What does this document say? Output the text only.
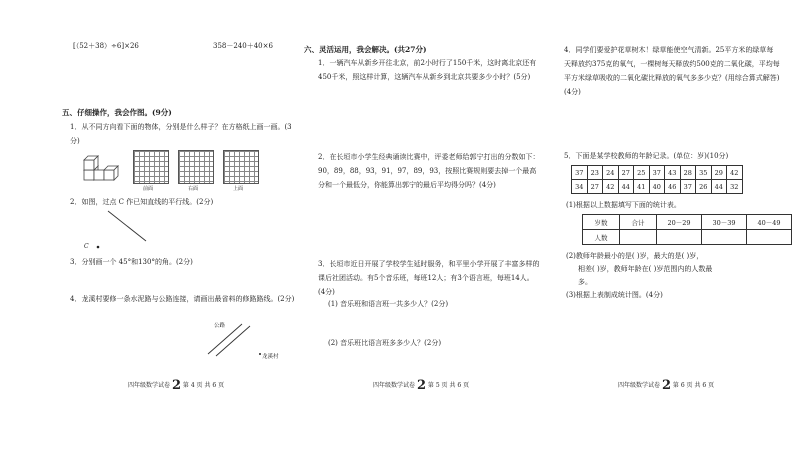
[（52＋38）÷6]×26	358－240＋40×6
五、仔细操作，我会作图。(9分)
1．从不同方向看下面的物体，分别是什么样子？在方格纸上画一画。(3分)
前面	右面	上面
2．如图，过点 C 作已知直线的平行线。(2分)
C
3．分别画一个 45°和130°的角。(2分)
4．龙溪村要修一条水泥路与公路连接，请画出最省料的修路路线。(2分)
公路
龙溪村
四年级数学试卷 2 第 4 页 共 6 页
六、灵活运用，我会解决。(共27分)
1．一辆汽车从新乡开往北京，前2小时行了150千米，这时离北京还有450千米，照这样计算，这辆汽车从新乡到北京共要多少小时？(5分)
2．在长垣市小学生经典诵读比赛中，评委老师给郭宁打出的分数如下：90，89，88，93，91，97，89，93，按照比赛规则要去掉一个最高分和一个最低分，你能算出郭宁的最后平均得分吗？(4分)
3．长垣市近日开展了学校学生延时服务，和平里小学开展了丰富多样的课后社团活动。有5个音乐班，每班12人；有3个语言班，每班14人。(4分)
(1) 音乐班和语言班一共多少人？(2分)
(2) 音乐班比语言班多多少人？(2分)
四年级数学试卷 2 第 5 页 共 6 页
4．同学们要爱护花草树木！绿草能使空气清新。25平方米的绿草每天释放约375克的氧气，一棵树每天释放约500克的二氧化碳，平均每平方米绿草吸收的二氧化碳比释放的氧气多多少克？(用综合算式解答)(4分)
5．下面是某学校教师的年龄记录。(单位：岁)(10分)
37	23	24	27	25	37	43	28	35	29	42
34	27	42	44	41	40	46	37	26	44	32
(1)根据以上数据填写下面的统计表。
岁数	合计	20－29	30－39	40－49
人数				
(2)教师年龄最小的是( )岁，最大的是( )岁，
相差( )岁，教师年龄在( )岁范围内的人数最
多。
(3)根据上表制成统计图。(4分)
四年级数学试卷 2 第 6 页 共 6 页
